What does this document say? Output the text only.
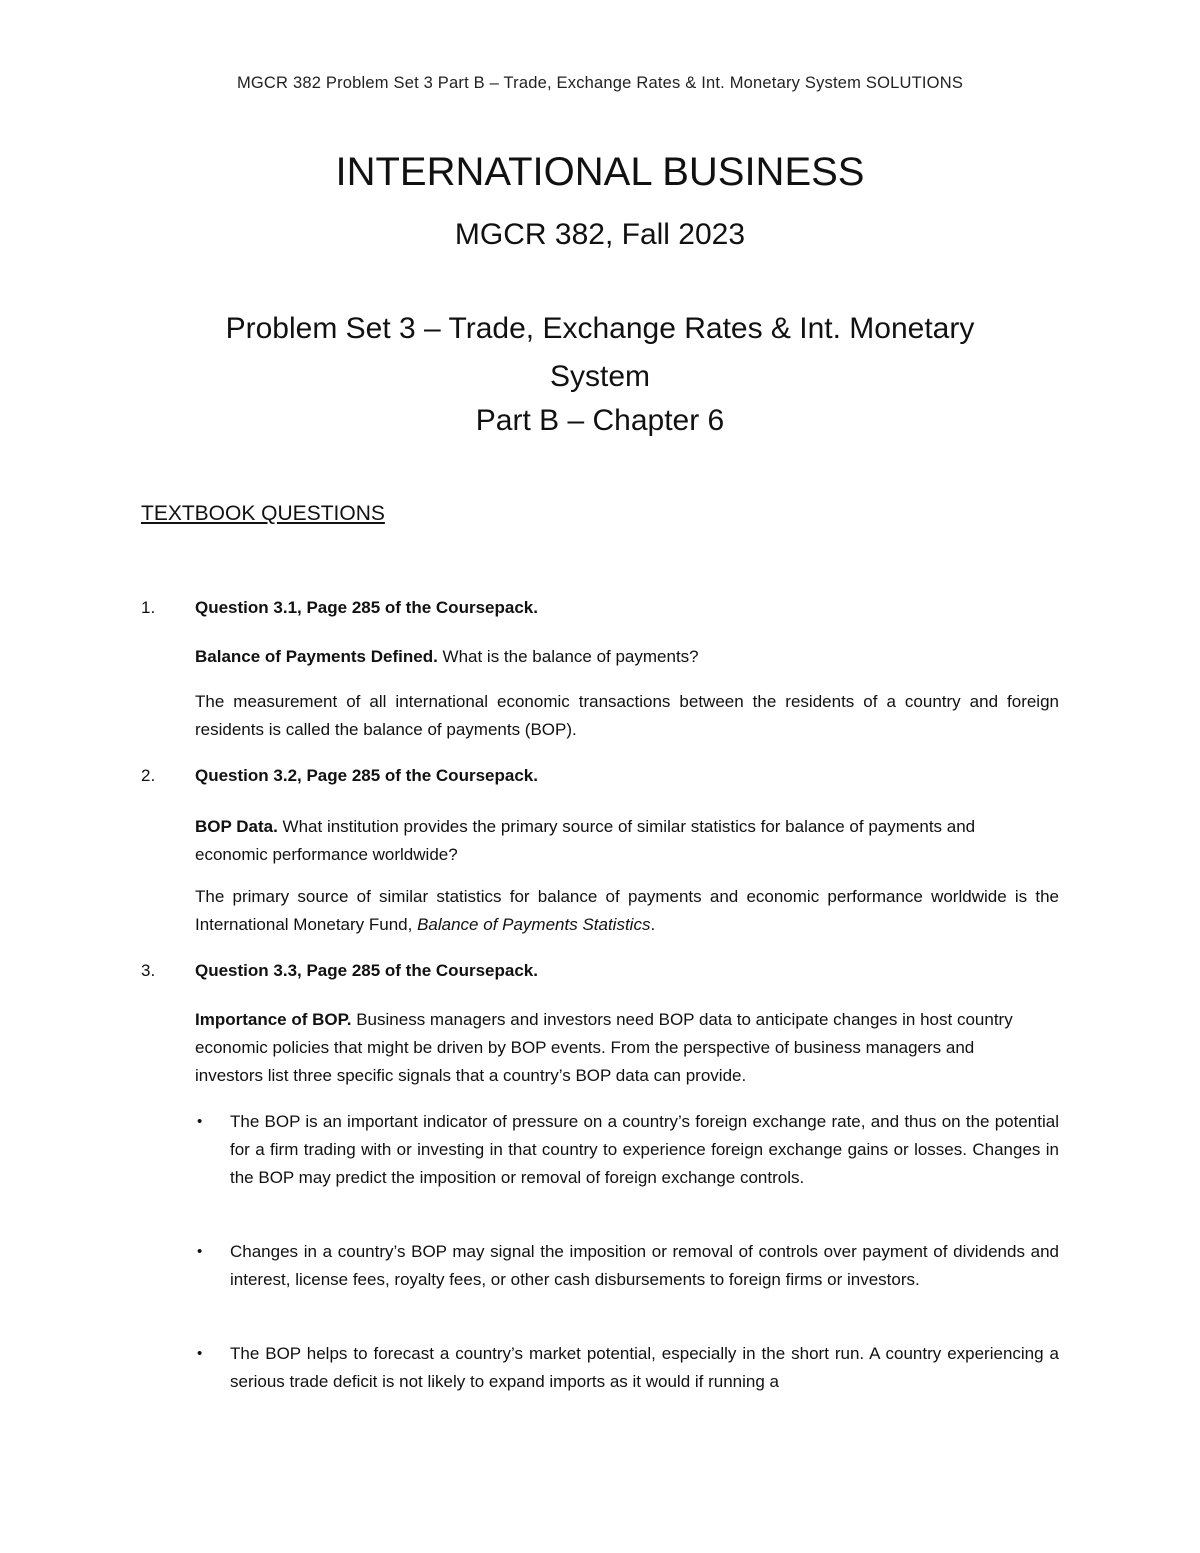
MGCR 382 Problem Set 3 Part B – Trade, Exchange Rates & Int. Monetary System SOLUTIONS
INTERNATIONAL BUSINESS
MGCR 382, Fall 2023
Problem Set 3 – Trade, Exchange Rates & Int. Monetary System
Part B – Chapter 6
TEXTBOOK QUESTIONS
1. Question 3.1, Page 285 of the Coursepack.
Balance of Payments Defined. What is the balance of payments?
The measurement of all international economic transactions between the residents of a country and foreign residents is called the balance of payments (BOP).
2. Question 3.2, Page 285 of the Coursepack.
BOP Data. What institution provides the primary source of similar statistics for balance of payments and economic performance worldwide?
The primary source of similar statistics for balance of payments and economic performance worldwide is the International Monetary Fund, Balance of Payments Statistics.
3. Question 3.3, Page 285 of the Coursepack.
Importance of BOP. Business managers and investors need BOP data to anticipate changes in host country economic policies that might be driven by BOP events. From the perspective of business managers and investors list three specific signals that a country’s BOP data can provide.
• The BOP is an important indicator of pressure on a country’s foreign exchange rate, and thus on the potential for a firm trading with or investing in that country to experience foreign exchange gains or losses. Changes in the BOP may predict the imposition or removal of foreign exchange controls.
• Changes in a country’s BOP may signal the imposition or removal of controls over payment of dividends and interest, license fees, royalty fees, or other cash disbursements to foreign firms or investors.
• The BOP helps to forecast a country’s market potential, especially in the short run. A country experiencing a serious trade deficit is not likely to expand imports as it would if running a
